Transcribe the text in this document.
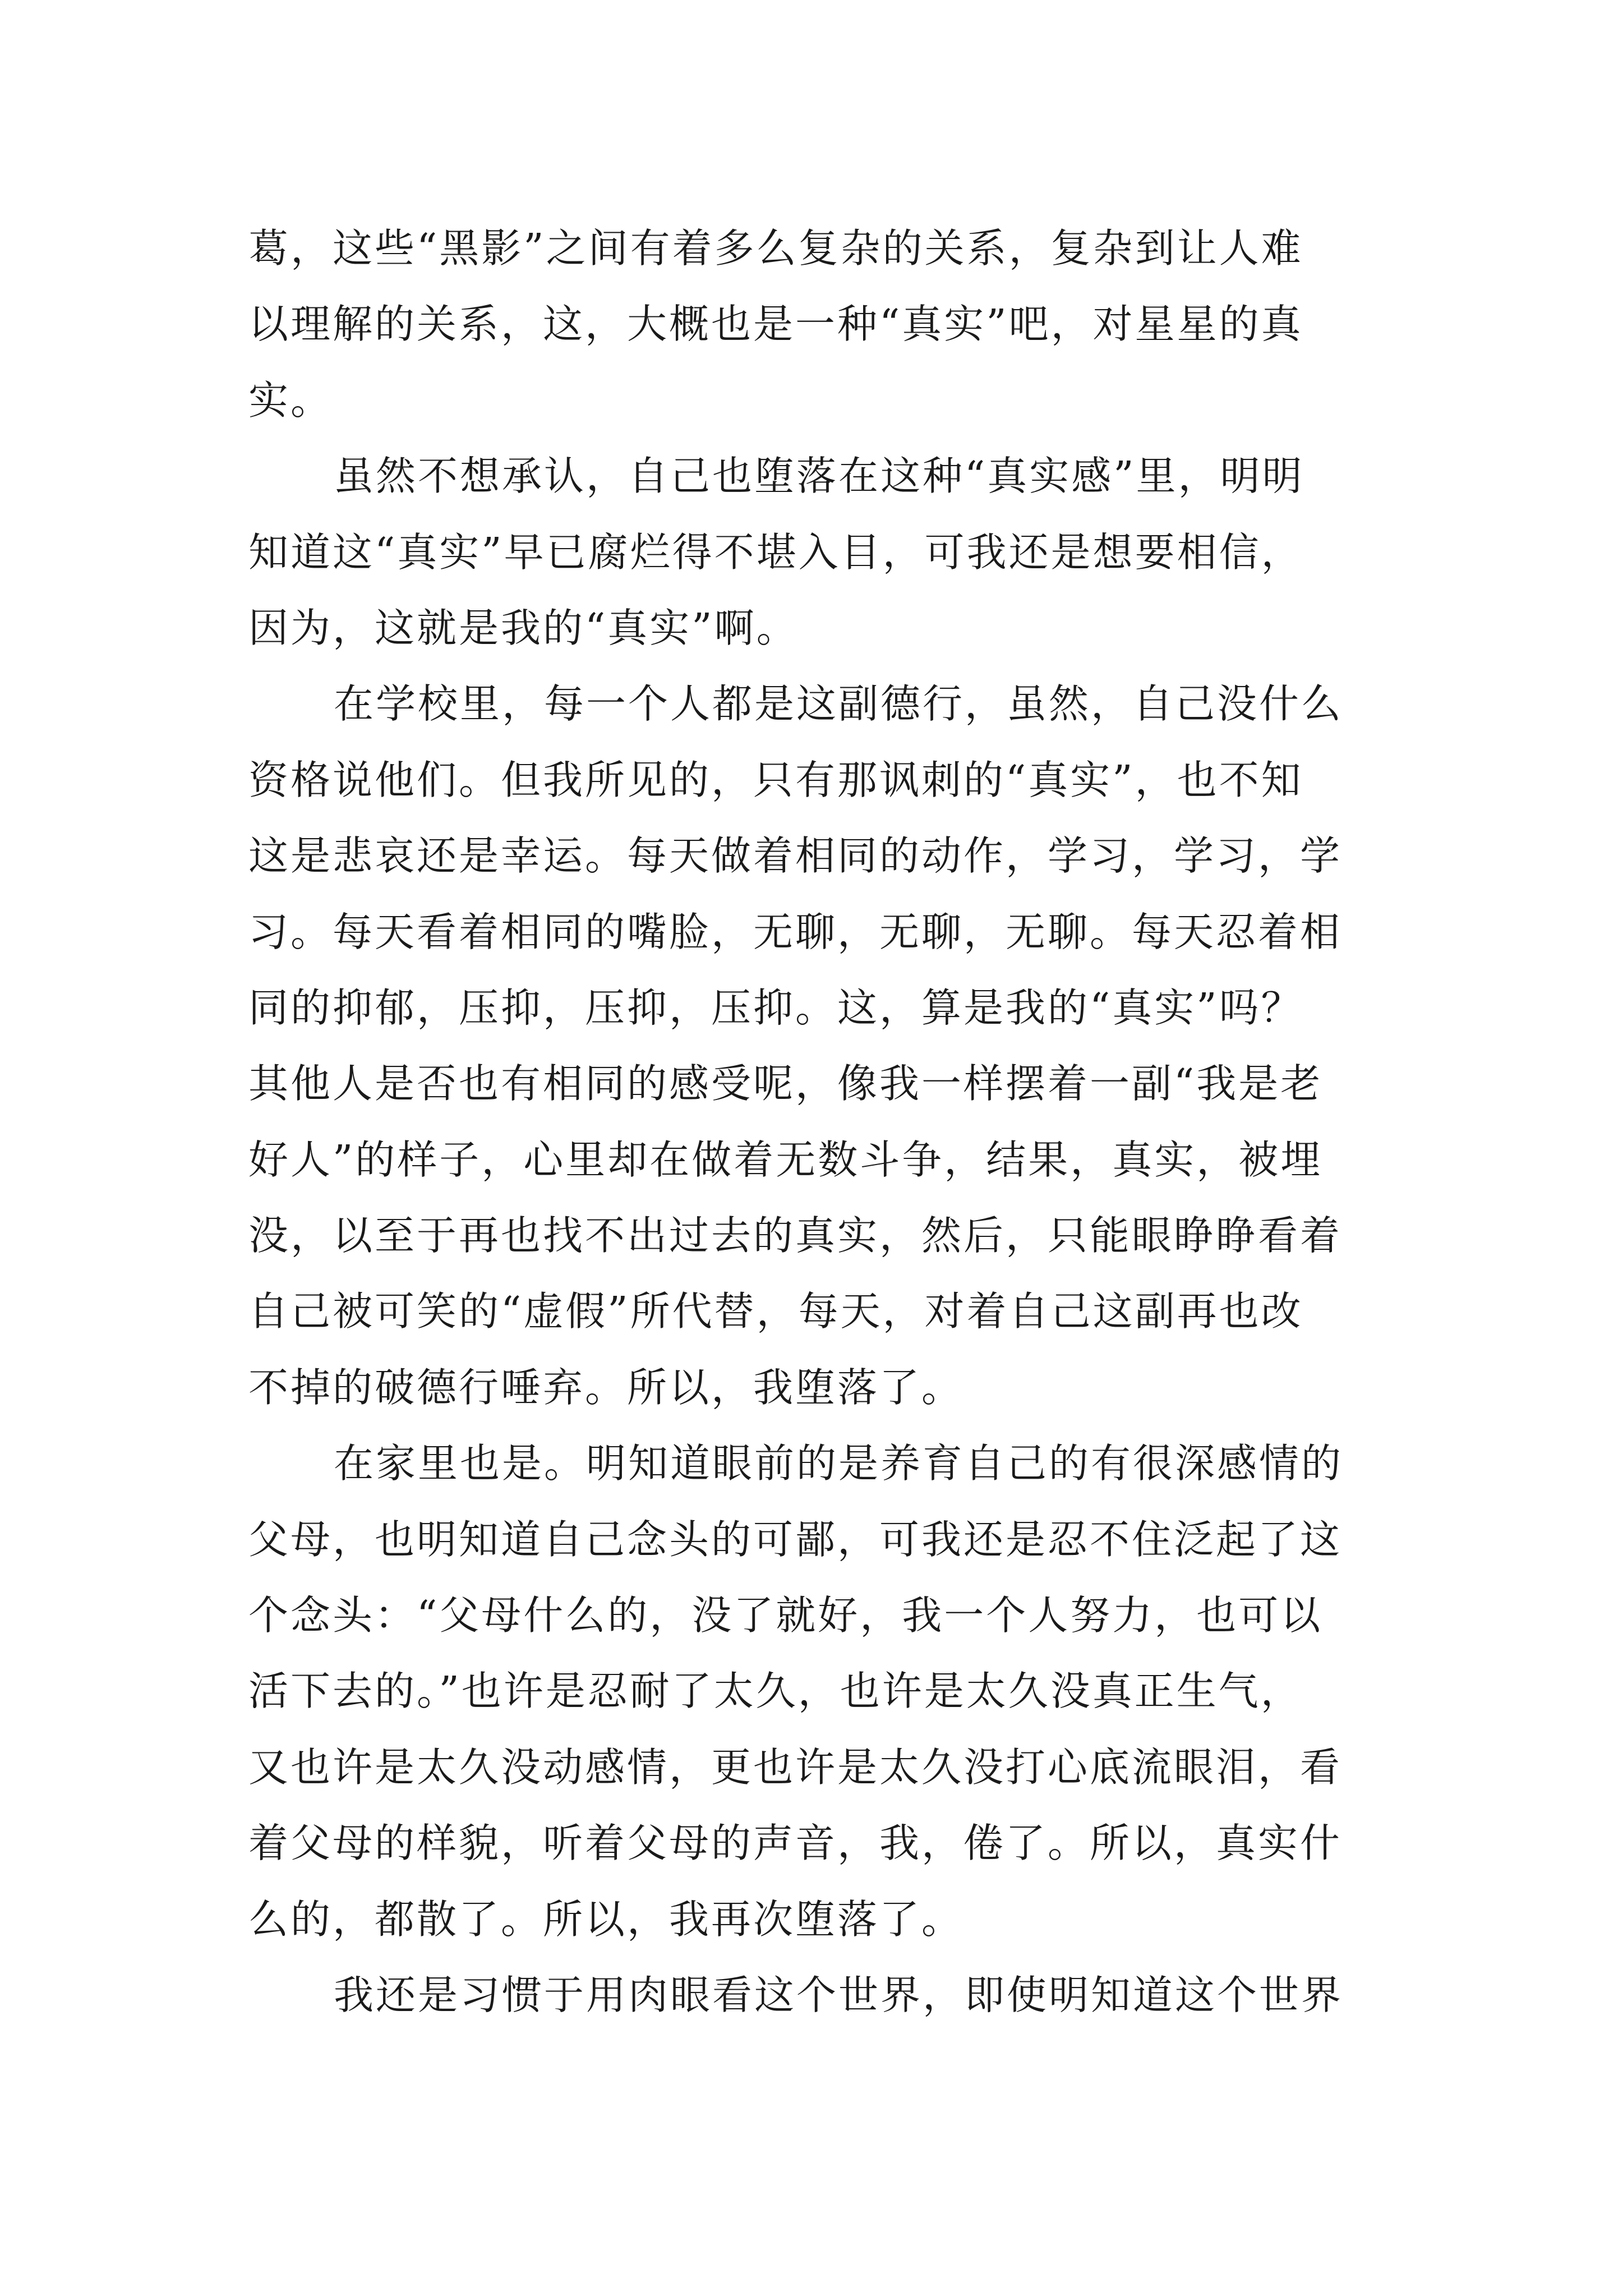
葛，这些“黑影”之间有着多么复杂的关系，复杂到让人难
以理解的关系，这，大概也是一种“真实”吧，对星星的真
实。

虽然不想承认，自己也堕落在这种“真实感”里，明明
知道这“真实”早已腐烂得不堪入目，可我还是想要相信，
因为，这就是我的“真实”啊。

在学校里，每一个人都是这副德行，虽然，自己没什么
资格说他们。但我所见的，只有那讽刺的“真实”，也不知
这是悲哀还是幸运。每天做着相同的动作，学习，学习，学
习。每天看着相同的嘴脸，无聊，无聊，无聊。每天忍着相
同的抑郁，压抑，压抑，压抑。这，算是我的“真实”吗？
其他人是否也有相同的感受呢，像我一样摆着一副“我是老
好人”的样子，心里却在做着无数斗争，结果，真实，被埋
没，以至于再也找不出过去的真实，然后，只能眼睁睁看着
自己被可笑的“虚假”所代替，每天，对着自己这副再也改
不掉的破德行唾弃。所以，我堕落了。

在家里也是。明知道眼前的是养育自己的有很深感情的
父母，也明知道自己念头的可鄙，可我还是忍不住泛起了这
个念头：“父母什么的，没了就好，我一个人努力，也可以
活下去的。”也许是忍耐了太久，也许是太久没真正生气，
又也许是太久没动感情，更也许是太久没打心底流眼泪，看
着父母的样貌，听着父母的声音，我，倦了。所以，真实什
么的，都散了。所以，我再次堕落了。

我还是习惯于用肉眼看这个世界，即使明知道这个世界
